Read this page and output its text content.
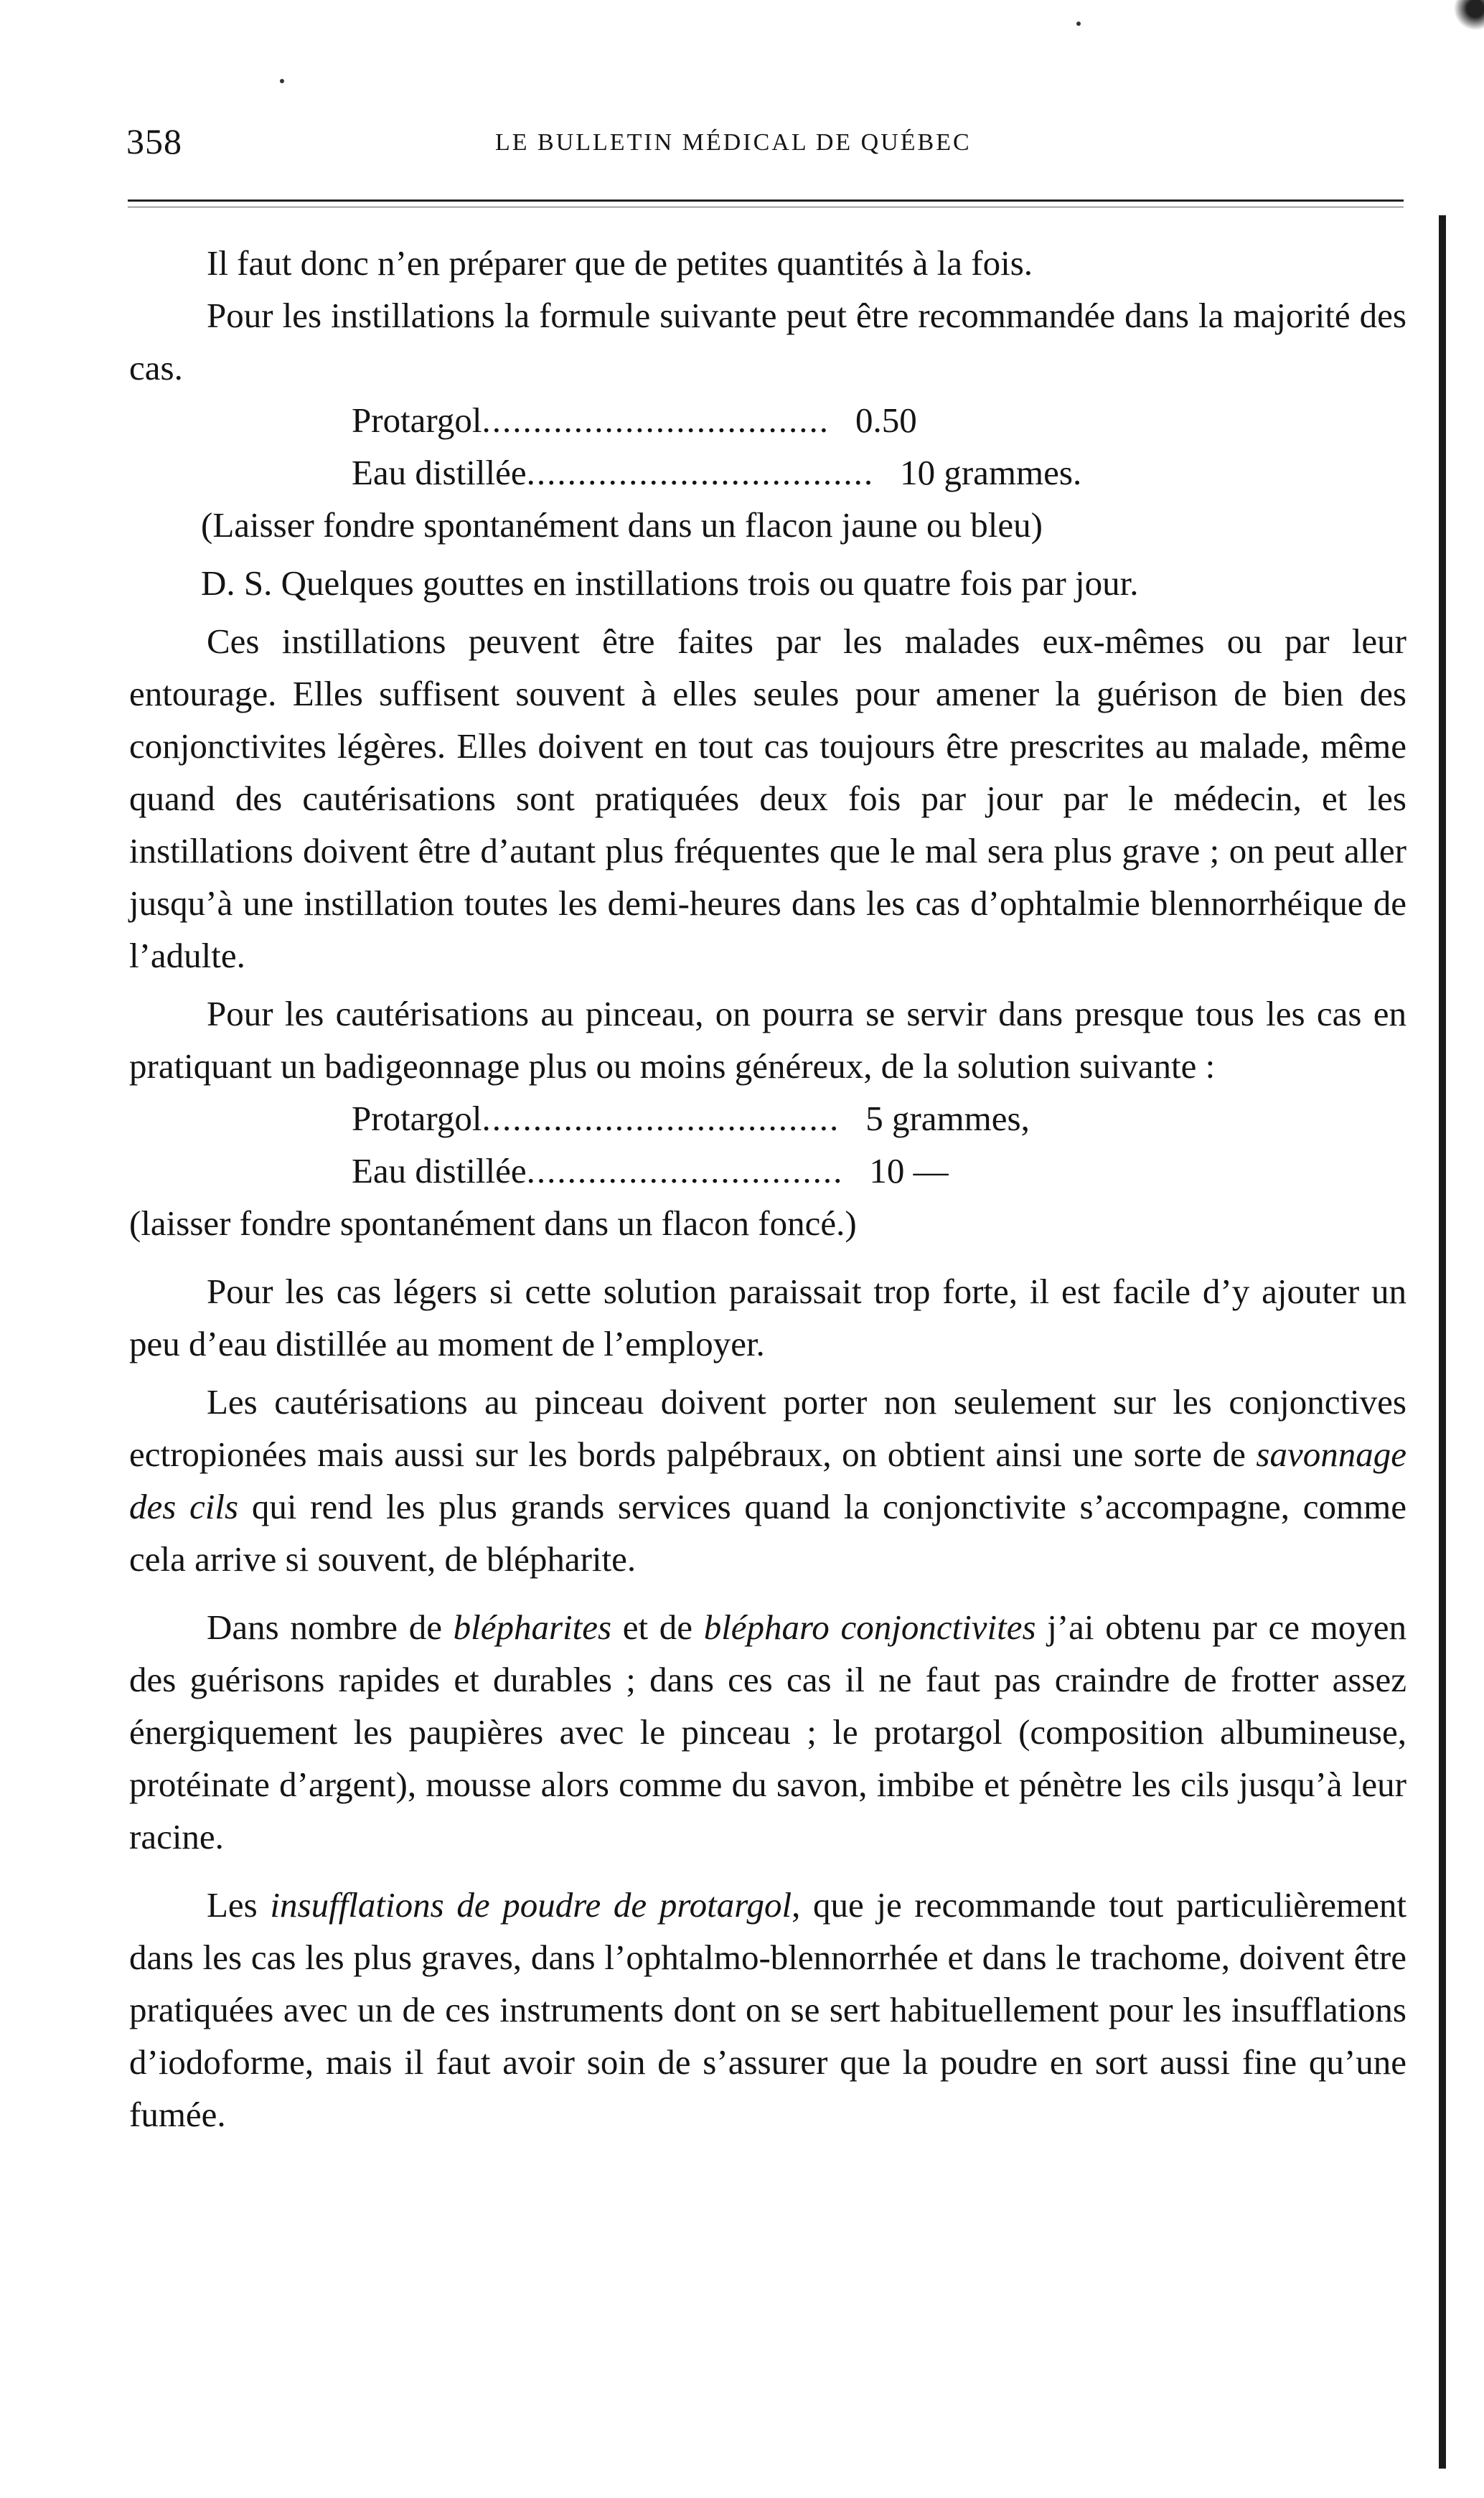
358	LE BULLETIN MÉDICAL DE QUÉBEC

Il faut donc n’en préparer que de petites quantités à la fois.

Pour les instillations la formule suivante peut être recommandée dans la majorité des cas.

Protargol .................................. 0.50
Eau distillée .................................. 10 grammes.

(Laisser fondre spontanément dans un flacon jaune ou bleu)

D. S. Quelques gouttes en instillations trois ou quatre fois par jour.

Ces instillations peuvent être faites par les malades eux-mêmes ou par leur entourage. Elles suffisent souvent à elles seules pour amener la guérison de bien des conjonctivites légères. Elles doivent en tout cas toujours être prescrites au malade, même quand des cautérisations sont pratiquées deux fois par jour par le médecin, et les instillations doivent être d’autant plus fréquentes que le mal sera plus grave ; on peut aller jusqu’à une instillation toutes les demi-heures dans les cas d’ophtalmie blennorrhéique de l’adulte.

Pour les cautérisations au pinceau, on pourra se servir dans presque tous les cas en pratiquant un badigeonnage plus ou moins généreux, de la solution suivante :

Protargol ................................... 5 grammes,
Eau distillée ............................... 10 —

(laisser fondre spontanément dans un flacon foncé.)

Pour les cas légers si cette solution paraissait trop forte, il est facile d’y ajouter un peu d’eau distillée au moment de l’employer.

Les cautérisations au pinceau doivent porter non seulement sur les conjonctives ectropionées mais aussi sur les bords palpébraux, on obtient ainsi une sorte de savonnage des cils qui rend les plus grands services quand la conjonctivite s’accompagne, comme cela arrive si souvent, de blépharite.

Dans nombre de blépharites et de blépharo conjonctivites j’ai obtenu par ce moyen des guérisons rapides et durables ; dans ces cas il ne faut pas craindre de frotter assez énergiquement les paupières avec le pinceau ; le protargol (composition albumineuse, protéinate d’argent), mousse alors comme du savon, imbibe et pénètre les cils jusqu’à leur racine.

Les insufflations de poudre de protargol, que je recommande tout particulièrement dans les cas les plus graves, dans l’ophtalmo-blennorrhée et dans le trachome, doivent être pratiquées avec un de ces instruments dont on se sert habituellement pour les insufflations d’iodoforme, mais il faut avoir soin de s’assurer que la poudre en sort aussi fine qu’une fumée.
